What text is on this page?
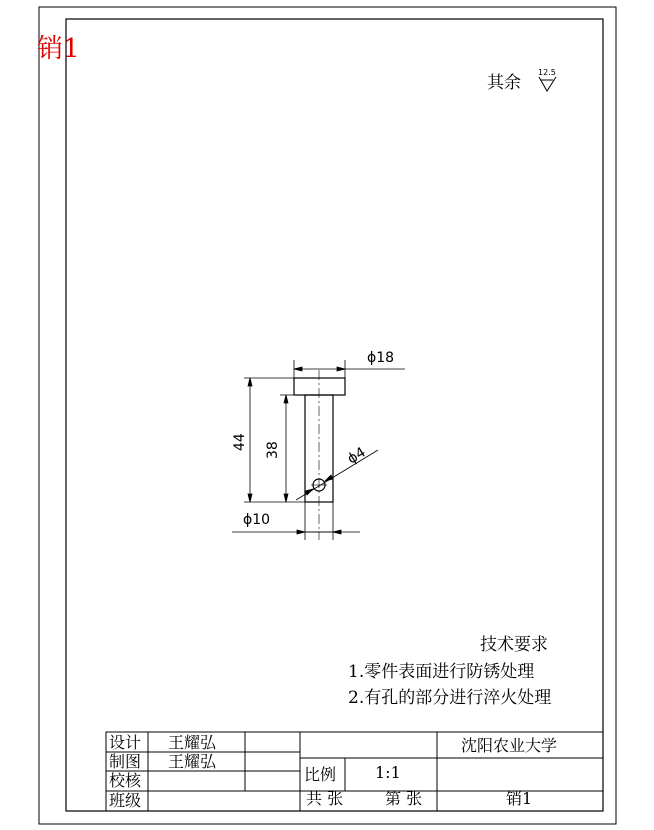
12.5
ϕ18
44 38	ϕ4
ϕ10
销1
其余
技术要求
1.零件表面进行防锈处理
2.有孔的部分进行淬火处理
设计 王耀弘
制图 王耀弘
校核
班级
沈阳农业大学
比例 1:1
共 张	第 张	销1
